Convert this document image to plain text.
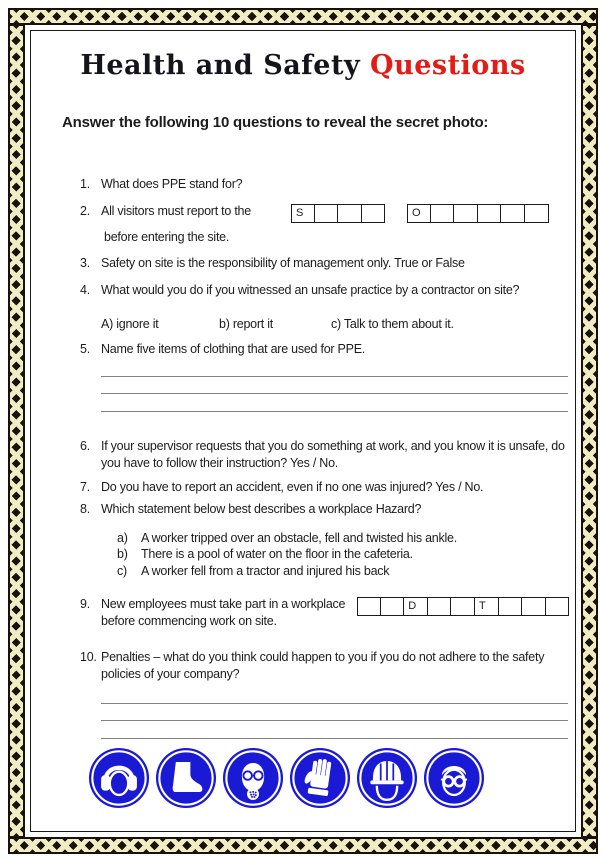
Health and Safety Questions
Answer the following 10 questions to reveal the secret photo:
1. What does PPE stand for?
2. All visitors must report to the
before entering the site.
S	O
3. Safety on site is the responsibility of management only. True or False
4. What would you do if you witnessed an unsafe practice by a contractor on site?
A) ignore it	b) report it	c) Talk to them about it.
5. Name five items of clothing that are used for PPE.
6. If your supervisor requests that you do something at work, and you know it is unsafe, do you have to follow their instruction? Yes / No.
7. Do you have to report an accident, even if no one was injured? Yes / No.
8. Which statement below best describes a workplace Hazard?
a)	A worker tripped over an obstacle, fell and twisted his ankle.
b)	There is a pool of water on the floor in the cafeteria.
c)	A worker fell from a tractor and injured his back
9. New employees must take part in a workplace
before commencing work on site.
D	T
10. Penalties – what do you think could happen to you if you do not adhere to the safety policies of your company?
